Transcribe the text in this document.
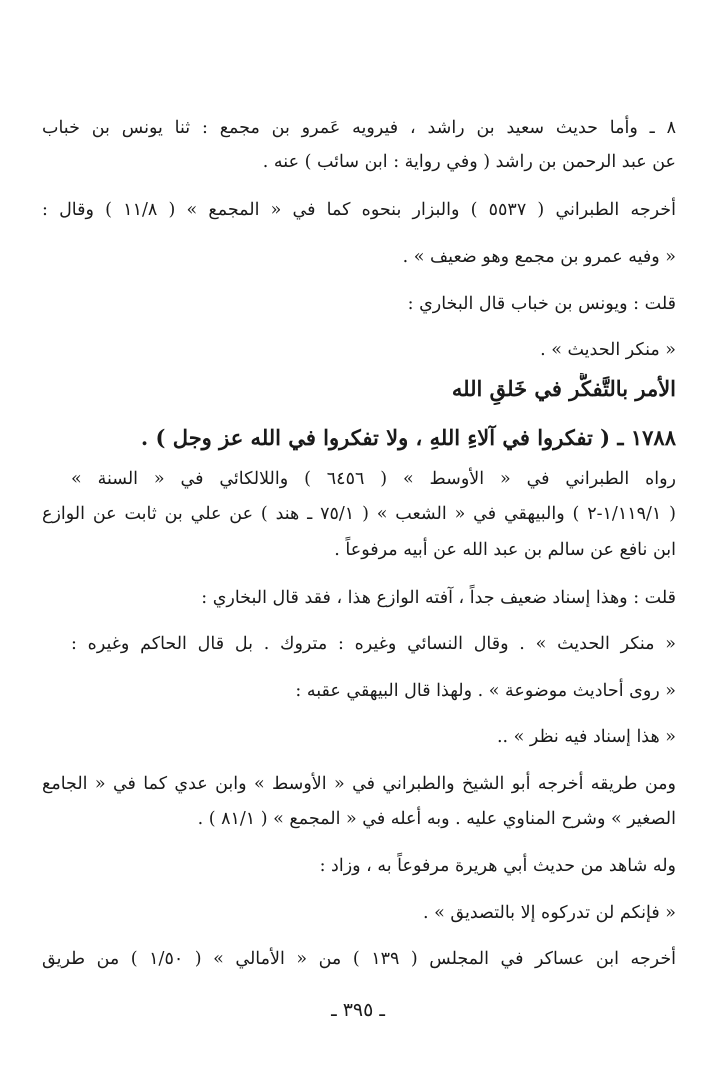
٨ ـ وأما حديث سعيد بن راشد ، فيرويه عَمرو بن مجمع : ثنا يونس بن خباب

عن عبد الرحمن بن راشد ( وفي رواية : ابن سائب ) عنه .

أخرجه الطبراني ( ٥٥٣٧ ) والبزار بنحوه كما في « المجمع » ( ١١/٨ ) وقال :

« وفيه عمرو بن مجمع وهو ضعيف » .

قلت : ويونس بن خباب قال البخاري :

« منكر الحديث » .

الأمر بالتَّفكُّر في خَلقِ الله

١٧٨٨ ـ ( تفكروا في آلاءِ اللهِ ، ولا تفكروا في الله عز وجل ) .

رواه الطبراني في « الأوسط » ( ٦٤٥٦ ) واللالكائي في « السنة »

( ١/١١٩/١-٢ ) والبيهقي في « الشعب » ( ٧٥/١ ـ هند ) عن علي بن ثابت عن الوازع

ابن نافع عن سالم بن عبد الله عن أبيه مرفوعاً .

قلت : وهذا إسناد ضعيف جداً ، آفته الوازع هذا ، فقد قال البخاري :

« منكر الحديث » . وقال النسائي وغيره : متروك . بل قال الحاكم وغيره :

« روى أحاديث موضوعة » . ولهذا قال البيهقي عقبه :

« هذا إسناد فيه نظر » ..

ومن طريقه أخرجه أبو الشيخ والطبراني في « الأوسط » وابن عدي كما في « الجامع

الصغير » وشرح المناوي عليه . وبه أعله في « المجمع » ( ٨١/١ ) .

وله شاهد من حديث أبي هريرة مرفوعاً به ، وزاد :

« فإنكم لن تدركوه إلا بالتصديق » .

أخرجه ابن عساكر في المجلس ( ١٣٩ ) من « الأمالي » ( ١/٥٠ ) من طريق

ـ ٣٩٥ ـ
